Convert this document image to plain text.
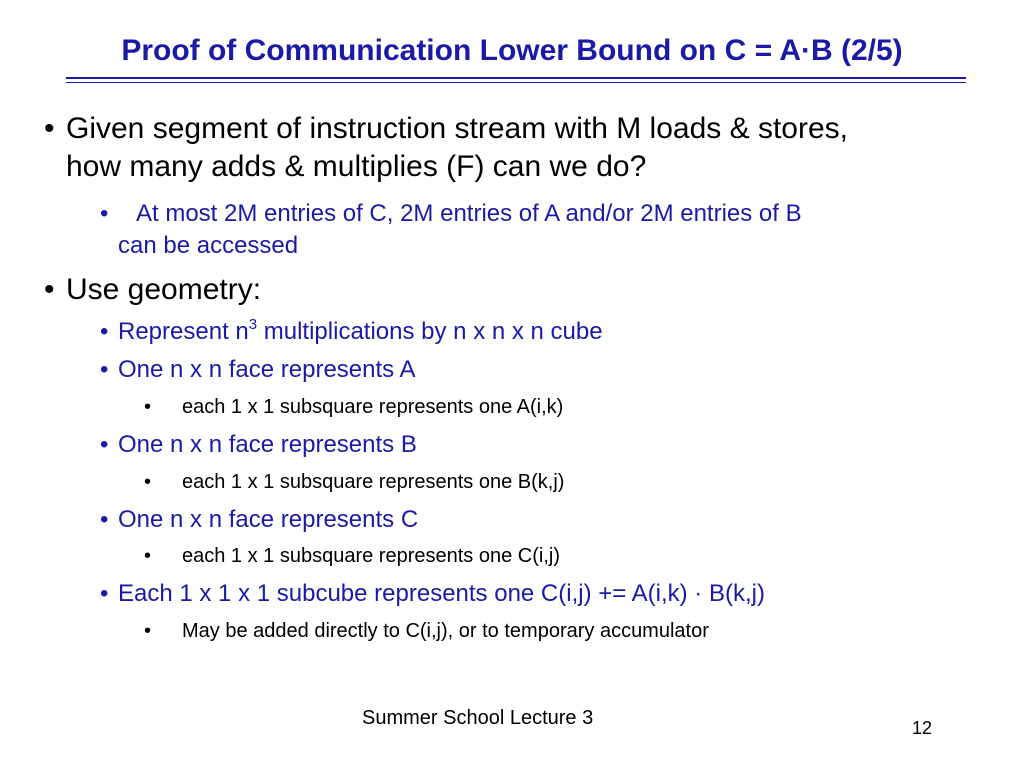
Proof of Communication Lower Bound on C = A·B (2/5)
• Given segment of instruction stream with M loads & stores,
how many adds & multiplies (F) can we do?
• At most 2M entries of C, 2M entries of A and/or 2M entries of B
can be accessed
• Use geometry:
• Represent $n^3$ multiplications by n x n x n cube
• One n x n face represents A
• each 1 x 1 subsquare represents one A(i,k)
• One n x n face represents B
• each 1 x 1 subsquare represents one B(k,j)
• One n x n face represents C
• each 1 x 1 subsquare represents one C(i,j)
• Each 1 x 1 x 1 subcube represents one C(i,j) += A(i,k) · B(k,j)
• May be added directly to C(i,j), or to temporary accumulator
Summer School Lecture 3	12
